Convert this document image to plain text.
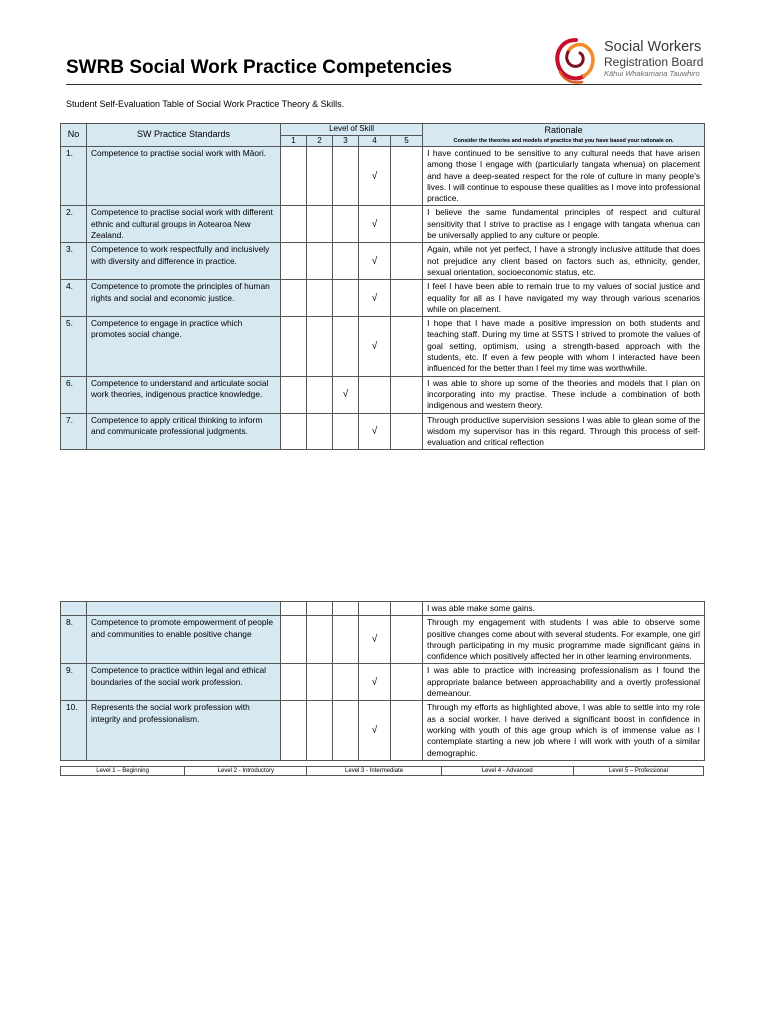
SWRB Social Work Practice Competencies
Social Workers
Registration Board
Kāhui Whakamana Tauwhiro
Student Self-Evaluation Table of Social Work Practice Theory & Skills.
No	SW Practice Standards	Level of Skill					Rationale
Consider the theories and models of practice that you have based your rationale on.

		1	2	3	4	5	
1.	Competence to practise social work with Māori.				√		I have continued to be sensitive to any cultural needs that have arisen among those I engage with (particularly tangata whenua) on placement and have a deep-seated respect for the role of culture in many people’s lives. I will continue to espouse these qualities as I move into professional practice.
2.	Competence to practise social work with different ethnic and cultural groups in Aotearoa New Zealand.				√		I believe the same fundamental principles of respect and cultural sensitivity that I strive to practise as I engage with tangata whenua can be universally applied to any culture or people.
3.	Competence to work respectfully and inclusively with diversity and difference in practice.				√		Again, while not yet perfect, I have a strongly inclusive attitude that does not prejudice any client based on factors such as, ethnicity, gender, sexual orientation, socioeconomic status, etc.
4.	Competence to promote the principles of human rights and social and economic justice.				√		I feel I have been able to remain true to my values of social justice and equality for all as I have navigated my way through various scenarios while on placement.
5.	Competence to engage in practice which promotes social change.				√		I hope that I have made a positive impression on both students and teaching staff. During my time at SSTS I strived to promote the values of goal setting, optimism, using a strength-based approach with the students, etc. If even a few people with whom I interacted have been influenced for the better than I feel my time was worthwhile.
6.	Competence to understand and articulate social work theories, indigenous practice knowledge.			√			I was able to shore up some of the theories and models that I plan on incorporating into my practise. These include a combination of both indigenous and western theory.
7.	Competence to apply critical thinking to inform and communicate professional judgments.				√		Through productive supervision sessions I was able to glean some of the wisdom my supervisor has in this regard. Through this process of self-evaluation and critical reflection
							I was able make some gains.
8.	Competence to promote empowerment of people and communities to enable positive change				√		Through my engagement with students I was able to observe some positive changes come about with several students. For example, one girl through participating in my music programme made significant gains in confidence which positively affected her in other learning environments.
9.	Competence to practice within legal and ethical boundaries of the social work profession.				√		I was able to practice with increasing professionalism as I found the appropriate balance between approachability and a overtly professional demeanour.
10.	Represents the social work profession with integrity and professionalism.				√		Through my efforts as highlighted above, I was able to settle into my role as a social worker. I have derived a significant boost in confidence in working with youth of this age group which is of immense value as I contemplate starting a new job where I will work with youth of a similar demographic.
Level 1 – Beginning	Level 2 - Introductory	Level 3 - Intermediate	Level 4 - Advanced	Level 5 – Professional
